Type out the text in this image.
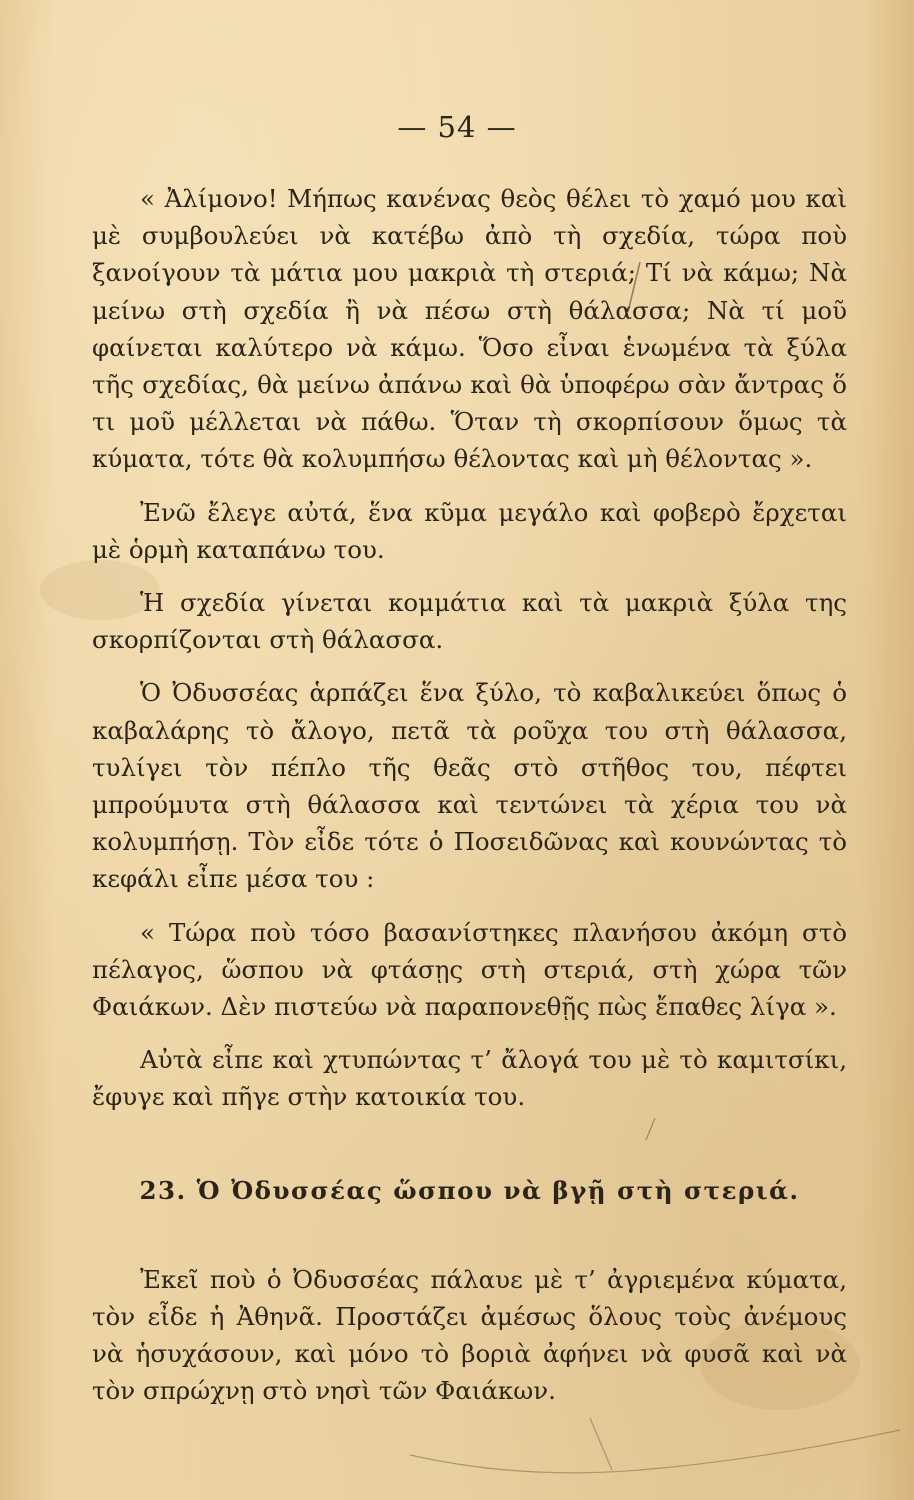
— 54 —

« Ἀλίμονο! Μήπως κανένας θεὸς θέλει τὸ χαμό μου καὶ μὲ συμβουλεύει νὰ κατέβω ἀπὸ τὴ σχεδία, τώρα ποὺ ξανοίγουν τὰ μάτια μου μακριὰ τὴ στεριά; Τί νὰ κάμω; Νὰ μείνω στὴ σχεδία ἢ νὰ πέσω στὴ θάλασσα; Νὰ τί μοῦ φαίνεται καλύτερο νὰ κάμω. Ὅσο εἶναι ἑνωμένα τὰ ξύλα τῆς σχεδίας, θὰ μείνω ἀπάνω καὶ θὰ ὑποφέρω σὰν ἄντρας ὅ τι μοῦ μέλλεται νὰ πάθω. Ὅταν τὴ σκορπίσουν ὅμως τὰ κύματα, τότε θὰ κολυμπήσω θέλοντας καὶ μὴ θέλοντας ».

Ἐνῶ ἔλεγε αὐτά, ἕνα κῦμα μεγάλο καὶ φοβερὸ ἔρχεται μὲ ὁρμὴ καταπάνω του.

Ἡ σχεδία γίνεται κομμάτια καὶ τὰ μακριὰ ξύλα της σκορπίζονται στὴ θάλασσα.

Ὁ Ὀδυσσέας ἁρπάζει ἕνα ξύλο, τὸ καβαλικεύει ὅπως ὁ καβαλάρης τὸ ἄλογο, πετᾶ τὰ ροῦχα του στὴ θάλασσα, τυλίγει τὸν πέπλο τῆς θεᾶς στὸ στῆθος του, πέφτει μπρούμυτα στὴ θάλασσα καὶ τεντώνει τὰ χέρια του νὰ κολυμπήσῃ. Τὸν εἶδε τότε ὁ Ποσειδῶνας καὶ κουνώντας τὸ κεφάλι εἶπε μέσα του :

« Τώρα ποὺ τόσο βασανίστηκες πλανήσου ἀκόμη στὸ πέλαγος, ὥσπου νὰ φτάσῃς στὴ στεριά, στὴ χώρα τῶν Φαιάκων. Δὲν πιστεύω νὰ παραπονεθῇς πὼς ἔπαθες λίγα ».

Αὐτὰ εἶπε καὶ χτυπώντας τ’ ἄλογά του μὲ τὸ καμιτσίκι, ἔφυγε καὶ πῆγε στὴν κατοικία του.

23. Ὁ Ὀδυσσέας ὥσπου νὰ βγῇ στὴ στεριά.

Ἐκεῖ ποὺ ὁ Ὀδυσσέας πάλαυε μὲ τ’ ἀγριεμένα κύματα, τὸν εἶδε ἡ Ἀθηνᾶ. Προστάζει ἀμέσως ὅλους τοὺς ἀνέμους νὰ ἡσυχάσουν, καὶ μόνο τὸ βοριὰ ἀφήνει νὰ φυσᾶ καὶ νὰ τὸν σπρώχνῃ στὸ νησὶ τῶν Φαιάκων.
